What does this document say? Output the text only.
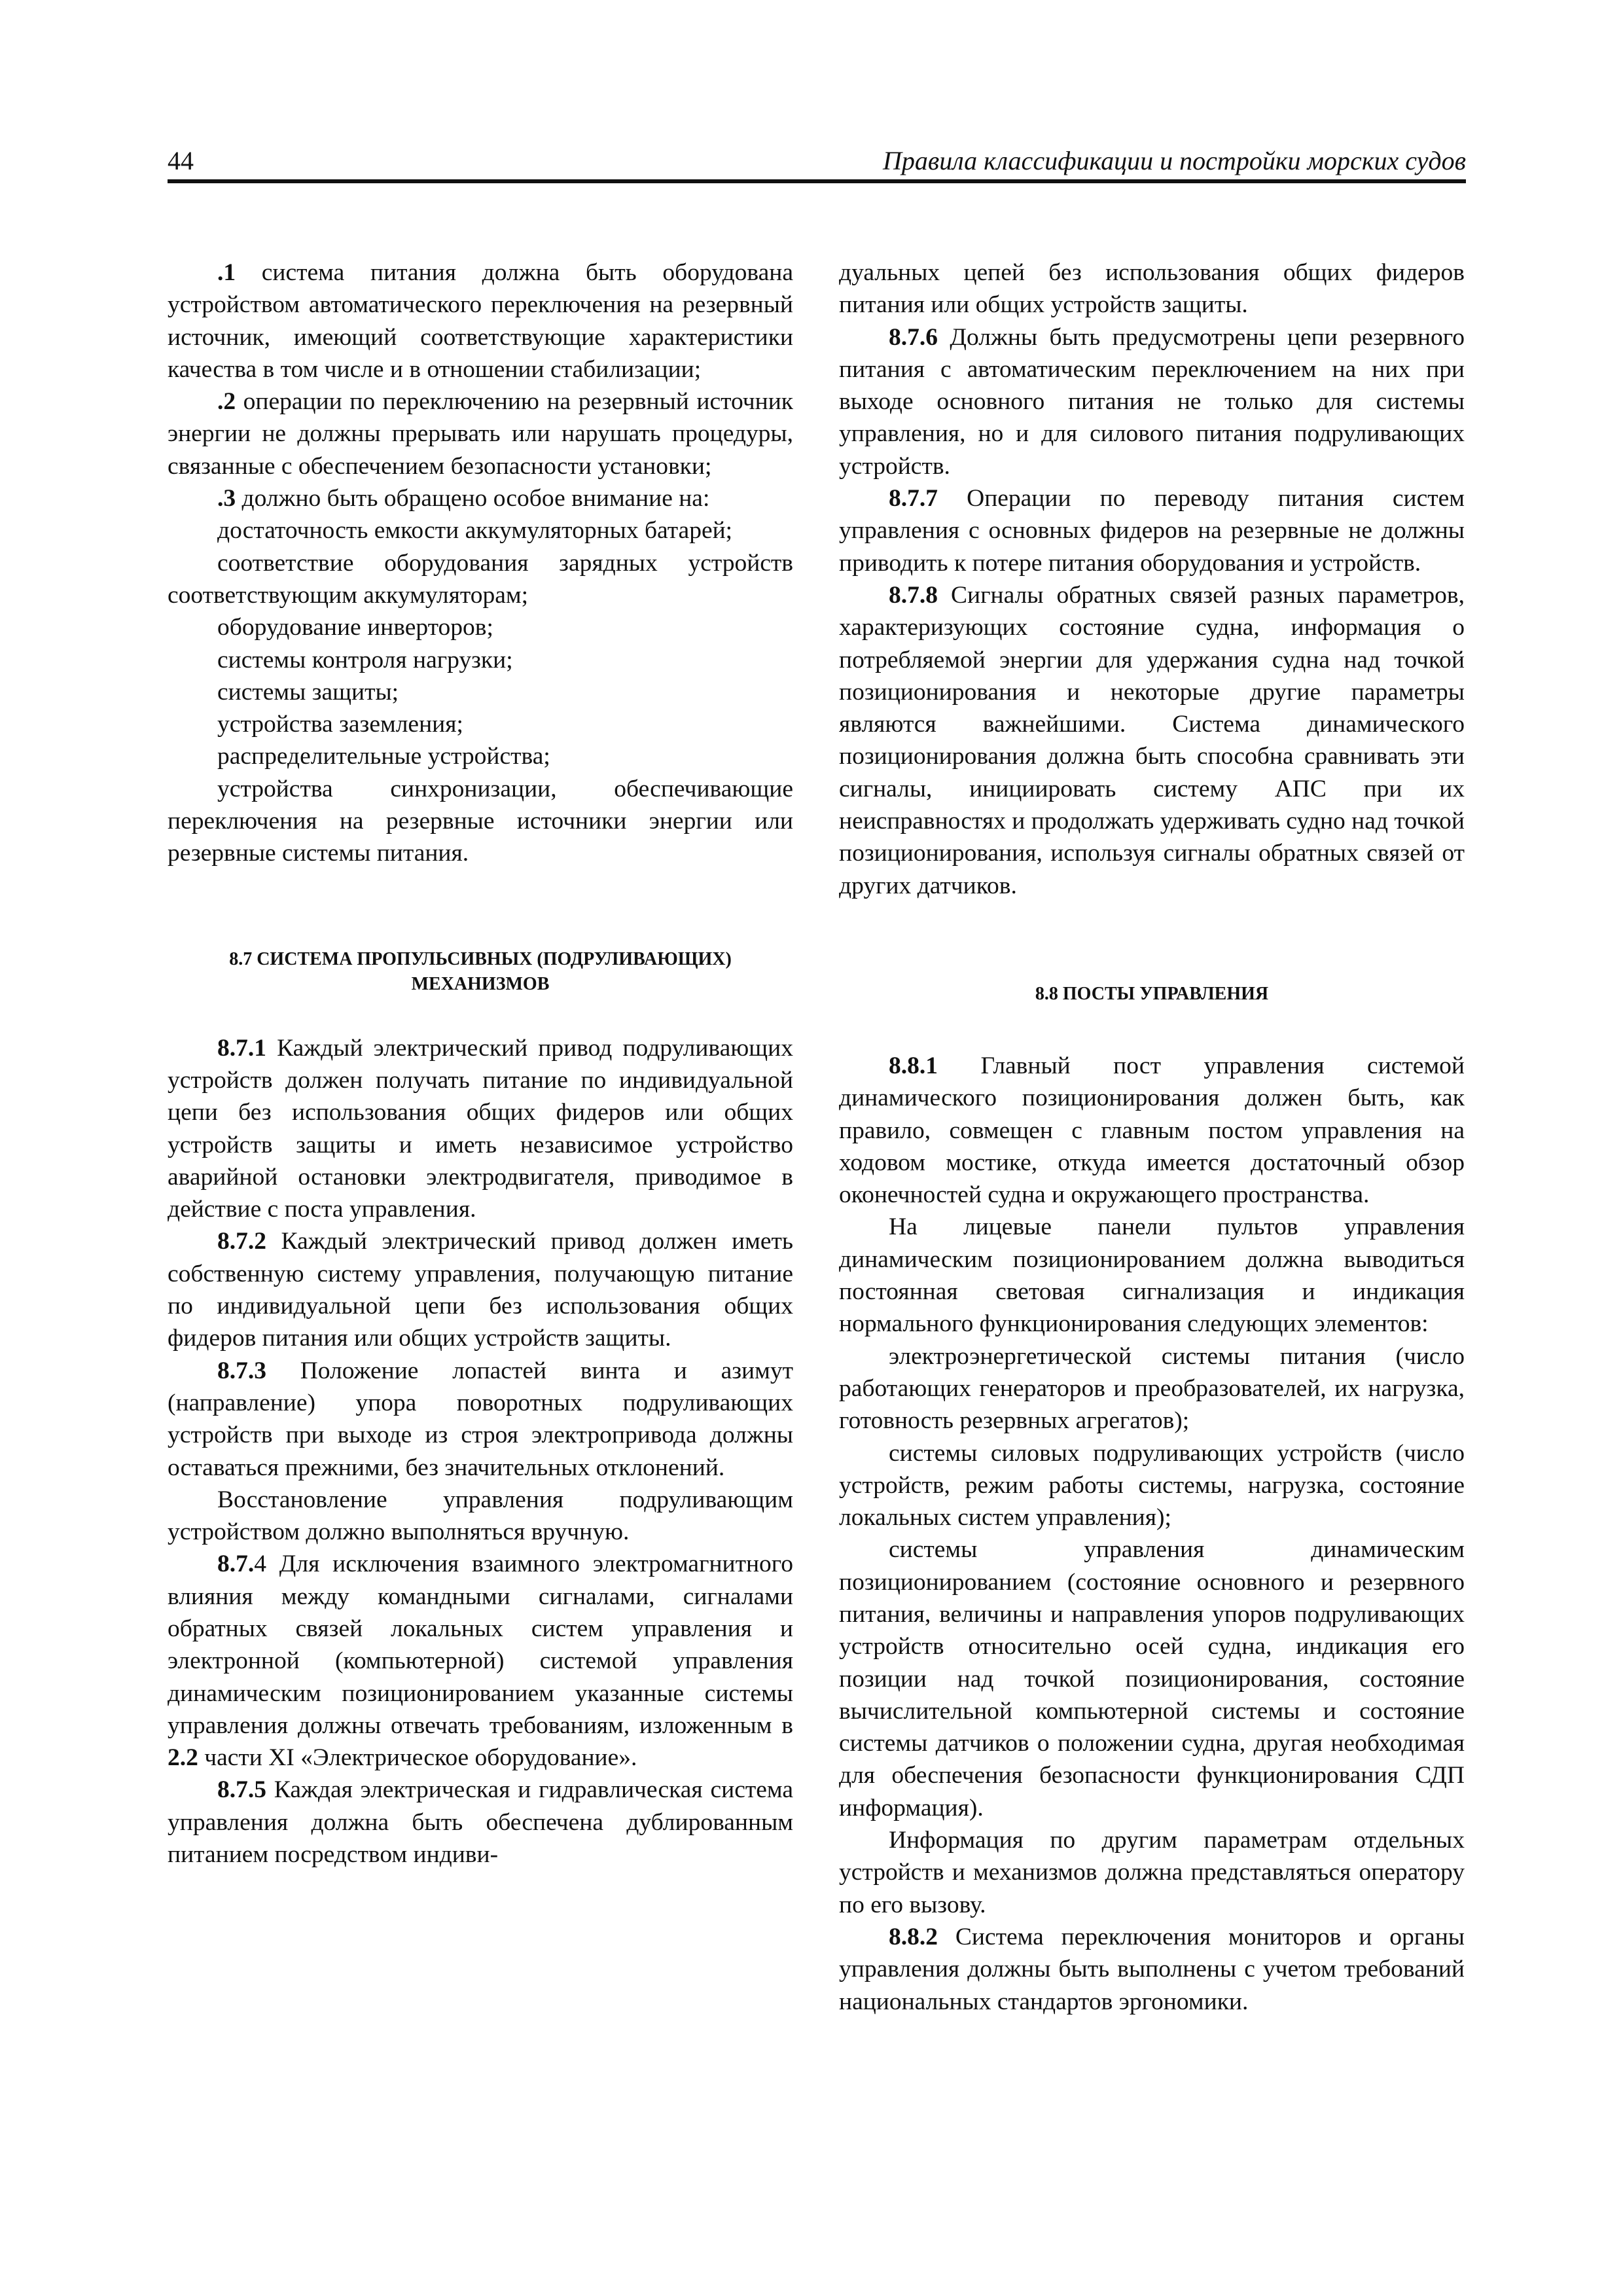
44	Правила классификации и постройки морских судов

.1 система питания должна быть оборудована устройством автоматического переключения на резервный источник, имеющий соответствующие характеристики качества в том числе и в отношении стабилизации;

.2 операции по переключению на резервный источник энергии не должны прерывать или нарушать процедуры, связанные с обеспечением безопасности установки;

.3 должно быть обращено особое внимание на:

достаточность емкости аккумуляторных батарей;

соответствие оборудования зарядных устройств соответствующим аккумуляторам;

оборудование инверторов;

системы контроля нагрузки;

системы защиты;

устройства заземления;

распределительные устройства;

устройства синхронизации, обеспечивающие переключения на резервные источники энергии или резервные системы питания.

8.7 СИСТЕМА ПРОПУЛЬСИВНЫХ (ПОДРУЛИВАЮЩИХ)
МЕХАНИЗМОВ

8.7.1 Каждый электрический привод подруливающих устройств должен получать питание по индивидуальной цепи без использования общих фидеров или общих устройств защиты и иметь независимое устройство аварийной остановки электродвигателя, приводимое в действие с поста управления.

8.7.2 Каждый электрический привод должен иметь собственную систему управления, получающую питание по индивидуальной цепи без использования общих фидеров питания или общих устройств защиты.

8.7.3 Положение лопастей винта и азимут (направление) упора поворотных подруливающих устройств при выходе из строя электропривода должны оставаться прежними, без значительных отклонений.

Восстановление управления подруливающим устройством должно выполняться вручную.

8.7.4 Для исключения взаимного электромагнитного влияния между командными сигналами, сигналами обратных связей локальных систем управления и электронной (компьютерной) системой управления динамическим позиционированием указанные системы управления должны отвечать требованиям, изложенным в 2.2 части XI «Электрическое оборудование».

8.7.5 Каждая электрическая и гидравлическая система управления должна быть обеспечена дублированным питанием посредством индиви-

дуальных цепей без использования общих фидеров питания или общих устройств защиты.

8.7.6 Должны быть предусмотрены цепи резервного питания с автоматическим переключением на них при выходе основного питания не только для системы управления, но и для силового питания подруливающих устройств.

8.7.7 Операции по переводу питания систем управления с основных фидеров на резервные не должны приводить к потере питания оборудования и устройств.

8.7.8 Сигналы обратных связей разных параметров, характеризующих состояние судна, информация о потребляемой энергии для удержания судна над точкой позиционирования и некоторые другие параметры являются важнейшими. Система динамического позиционирования должна быть способна сравнивать эти сигналы, инициировать систему АПС при их неисправностях и продолжать удерживать судно над точкой позиционирования, используя сигналы обратных связей от других датчиков.

8.8 ПОСТЫ УПРАВЛЕНИЯ

8.8.1 Главный пост управления системой динамического позиционирования должен быть, как правило, совмещен с главным постом управления на ходовом мостике, откуда имеется достаточный обзор оконечностей судна и окружающего пространства.

На лицевые панели пультов управления динамическим позиционированием должна выводиться постоянная световая сигнализация и индикация нормального функционирования следующих элементов:

электроэнергетической системы питания (число работающих генераторов и преобразователей, их нагрузка, готовность резервных агрегатов);

системы силовых подруливающих устройств (число устройств, режим работы системы, нагрузка, состояние локальных систем управления);

системы управления динамическим позиционированием (состояние основного и резервного питания, величины и направления упоров подруливающих устройств относительно осей судна, индикация его позиции над точкой позиционирования, состояние вычислительной компьютерной системы и состояние системы датчиков о положении судна, другая необходимая для обеспечения безопасности функционирования СДП информация).

Информация по другим параметрам отдельных устройств и механизмов должна представляться оператору по его вызову.

8.8.2 Система переключения мониторов и органы управления должны быть выполнены с учетом требований национальных стандартов эргономики.
